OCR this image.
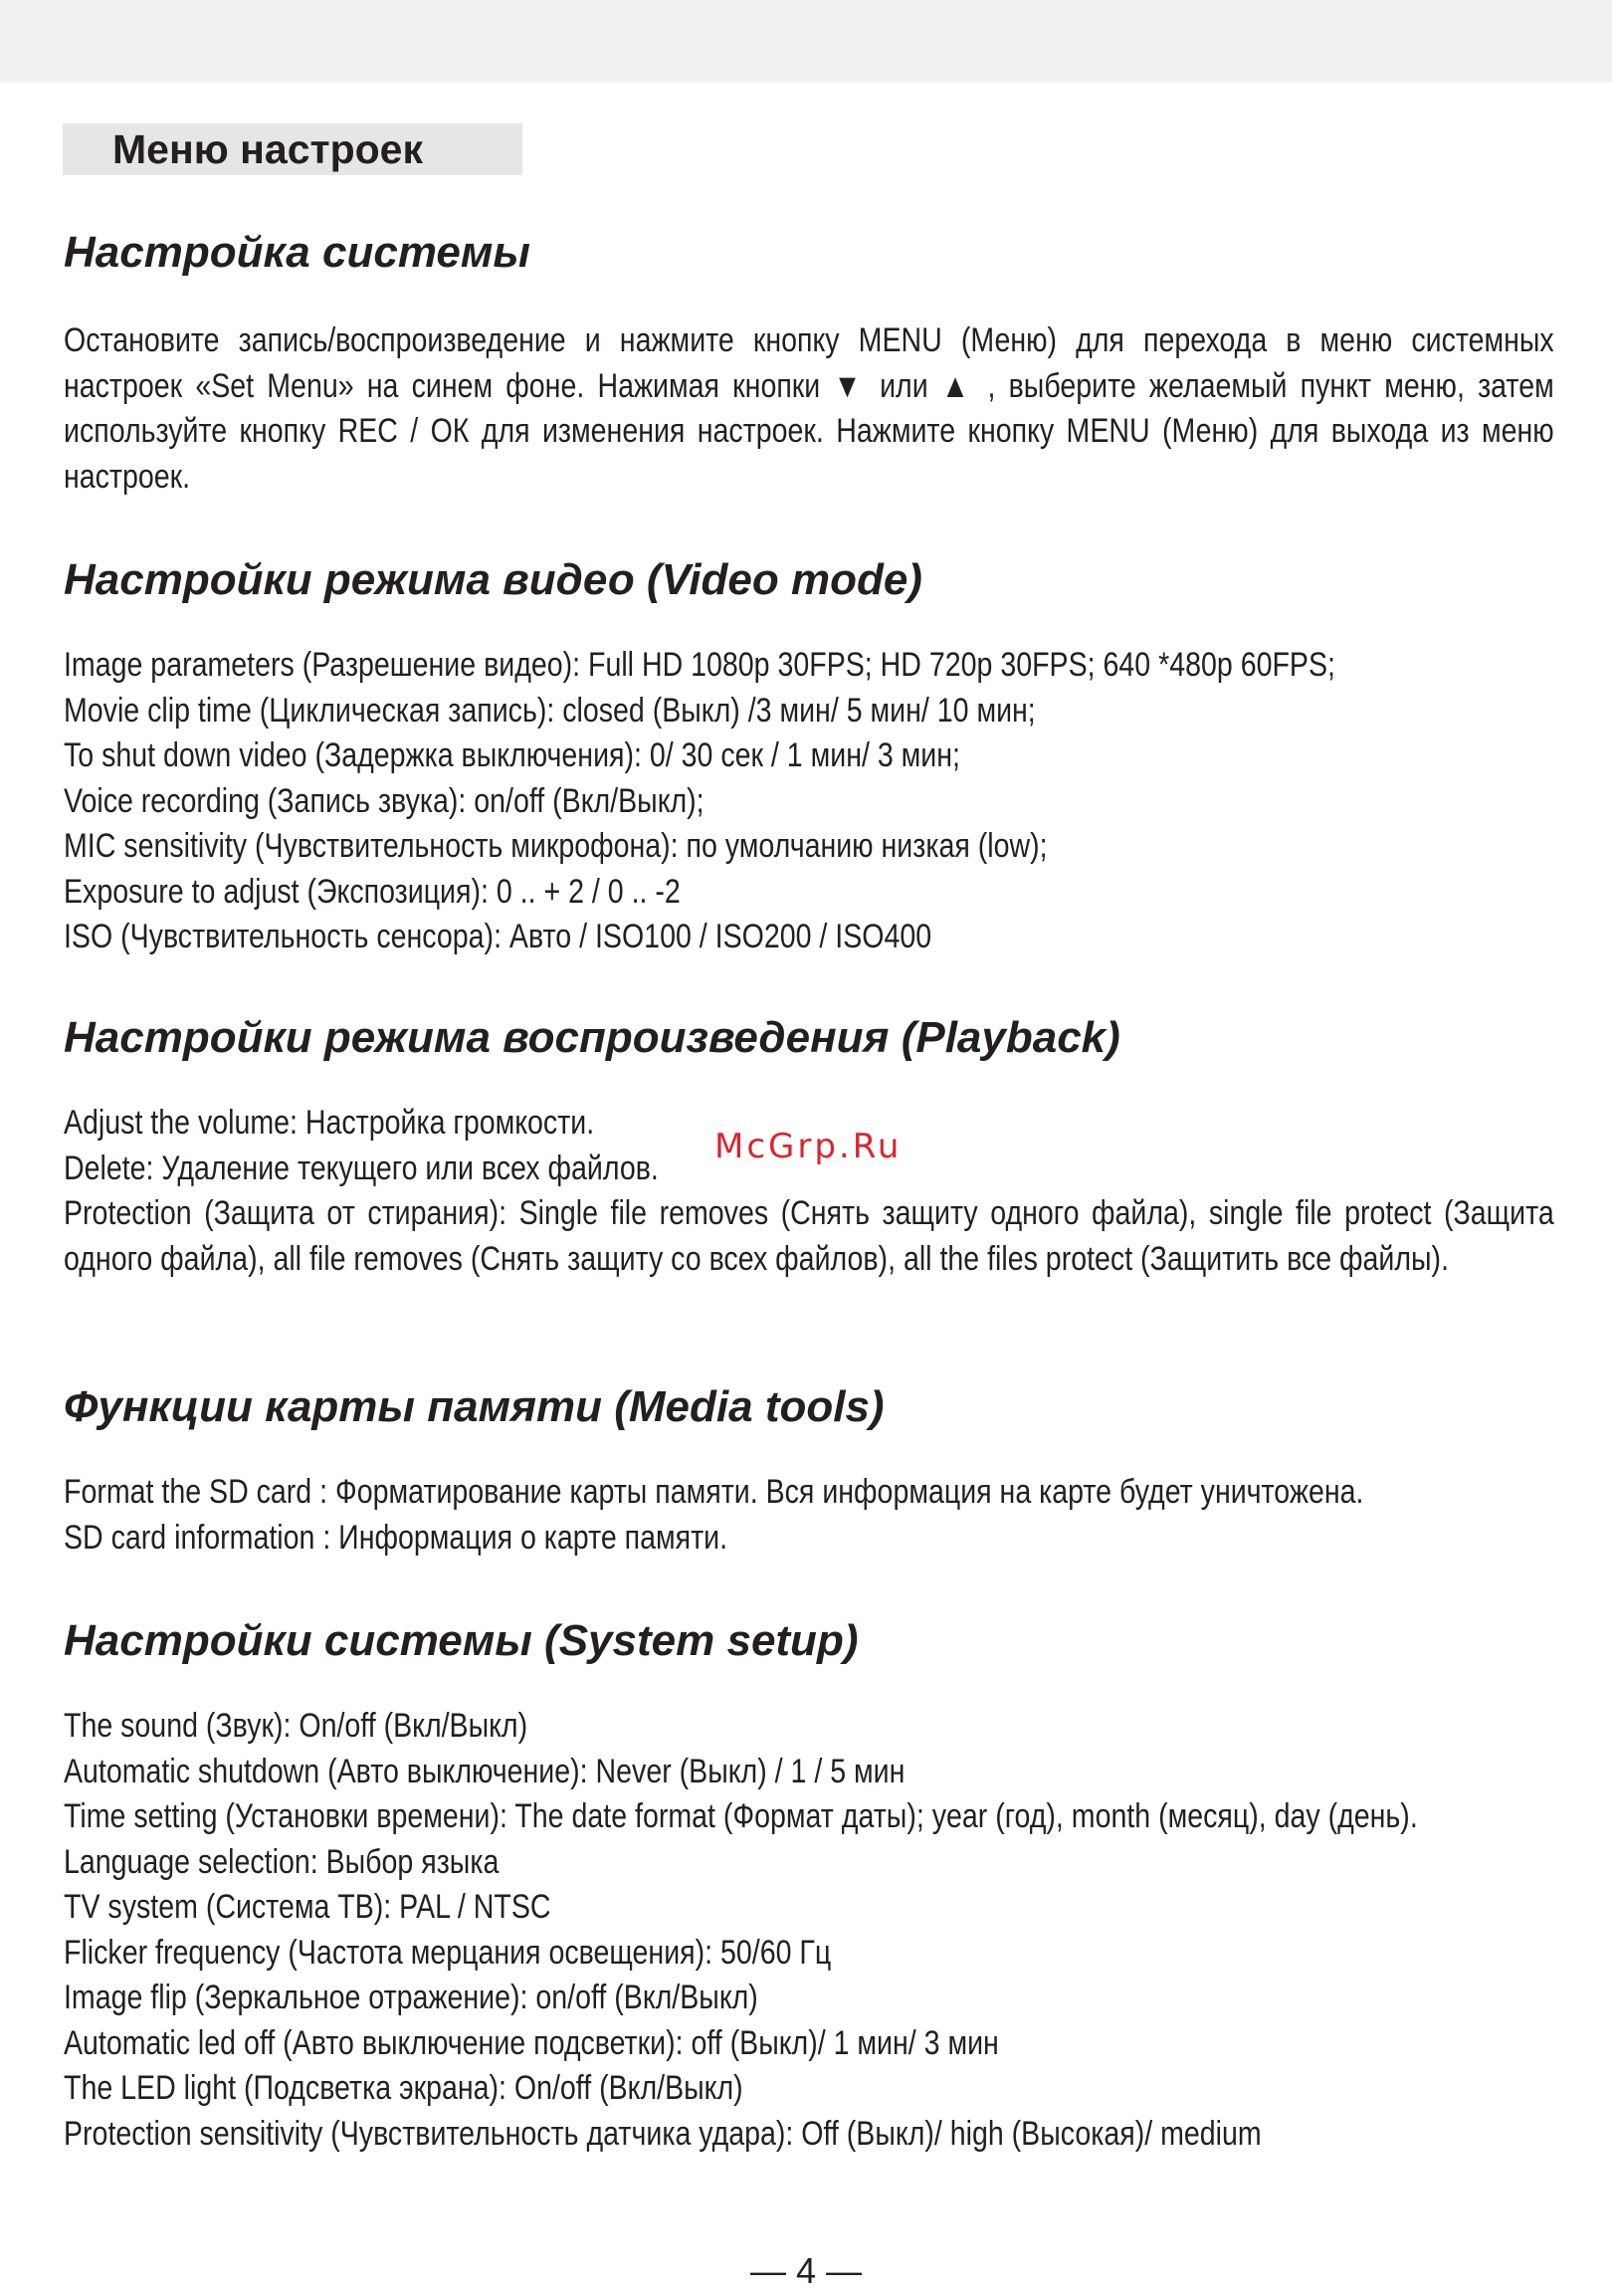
Меню настроек
Настройка системы
Остановите запись/воспроизведение и нажмите кнопку MENU (Меню) для перехода в меню системных настроек «Set Menu» на синем фоне. Нажимая кнопки ▼ или ▲ , выберите желаемый пункт меню, затем используйте кнопку REC / ОК для изменения настроек. Нажмите кнопку MENU (Меню) для выхода из меню настроек.
Настройки режима видео (Video mode)
Image parameters (Разрешение видео): Full HD 1080p 30FPS; HD 720p 30FPS; 640 *480p 60FPS;
Movie clip time (Циклическая запись): closed (Выкл) /3 мин/ 5 мин/ 10 мин;
To shut down video (Задержка выключения): 0/ 30 сек / 1 мин/ 3 мин;
Voice recording (Запись звука): on/off (Вкл/Выкл);
MIC sensitivity (Чувствительность микрофона): по умолчанию низкая (low);
Exposure to adjust (Экспозиция): 0 .. + 2 / 0 .. -2
ISO (Чувствительность сенсора): Авто / ISO100 / ISO200 / ISO400
Настройки режима воспроизведения (Playback)
Adjust the volume: Настройка громкости.
Delete: Удаление текущего или всех файлов.
Protection (Защита от стирания): Single file removes (Снять защиту одного файла), single file protect (Защита одного файла), all file removes (Снять защиту со всех файлов), all the files protect (Защитить все файлы).
McGrp.Ru
Функции карты памяти (Media tools)
Format the SD card : Форматирование карты памяти. Вся информация на карте будет уничтожена.
SD card information : Информация о карте памяти.
Настройки системы (System setup)
The sound (Звук): On/off (Вкл/Выкл)
Automatic shutdown (Авто выключение): Never (Выкл) / 1 / 5 мин
Time setting (Установки времени): The date format (Формат даты); year (год), month (месяц), day (день).
Language selection: Выбор языка
TV system (Система ТВ): PAL / NTSC
Flicker frequency (Частота мерцания освещения): 50/60 Гц
Image flip (Зеркальное отражение): on/off (Вкл/Выкл)
Automatic led off (Авто выключение подсветки): off (Выкл)/ 1 мин/ 3 мин
The LED light (Подсветка экрана): On/off (Вкл/Выкл)
Protection sensitivity (Чувствительность датчика удара): Off (Выкл)/ high (Высокая)/ medium
— 4 —
